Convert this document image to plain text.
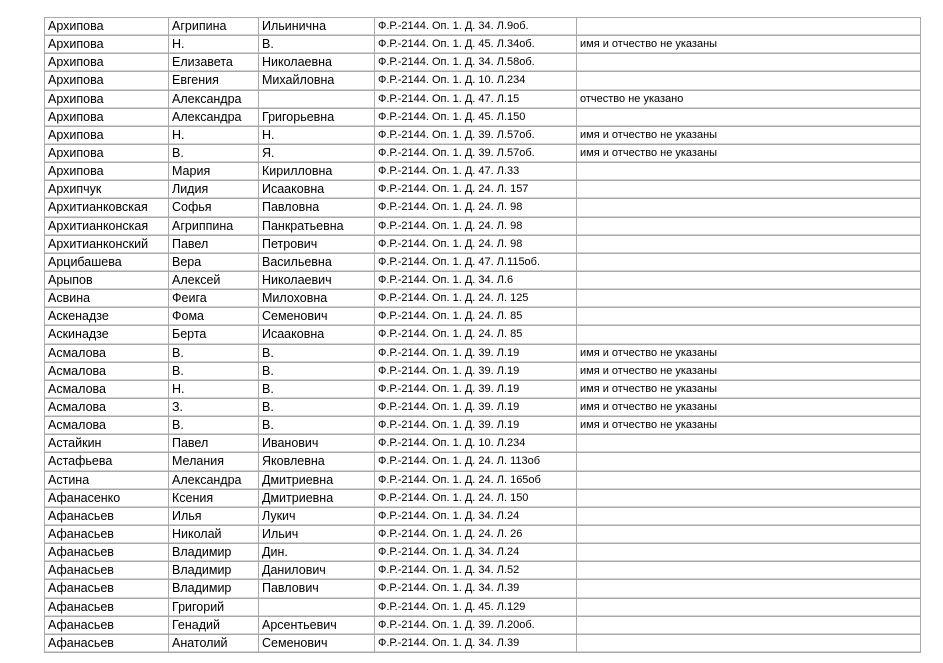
Архипова	Агрипина	Ильинична	Ф.Р.-2144. Оп. 1. Д. 34. Л.9об.	
Архипова	Н.	В.	Ф.Р.-2144. Оп. 1. Д. 45. Л.34об.	имя и отчество не указаны
Архипова	Елизавета	Николаевна	Ф.Р.-2144. Оп. 1. Д. 34. Л.58об.	
Архипова	Евгения	Михайловна	Ф.Р.-2144. Оп. 1. Д. 10. Л.234	
Архипова	Александра		Ф.Р.-2144. Оп. 1. Д. 47. Л.15	отчество не указано
Архипова	Александра	Григорьевна	Ф.Р.-2144. Оп. 1. Д. 45. Л.150	
Архипова	Н.	Н.	Ф.Р.-2144. Оп. 1. Д. 39. Л.57об.	имя и отчество не указаны
Архипова	В.	Я.	Ф.Р.-2144. Оп. 1. Д. 39. Л.57об.	имя и отчество не указаны
Архипова	Мария	Кирилловна	Ф.Р.-2144. Оп. 1. Д. 47. Л.33	
Архипчук	Лидия	Исааковна	Ф.Р.-2144. Оп. 1. Д. 24. Л. 157	
Архитианковская	Софья	Павловна	Ф.Р.-2144. Оп. 1. Д. 24. Л. 98	
Архитианконская	Агриппина	Панкратьевна	Ф.Р.-2144. Оп. 1. Д. 24. Л. 98	
Архитианконский	Павел	Петрович	Ф.Р.-2144. Оп. 1. Д. 24. Л. 98	
Арцибашева	Вера	Васильевна	Ф.Р.-2144. Оп. 1. Д. 47. Л.115об.	
Арыпов	Алексей	Николаевич	Ф.Р.-2144. Оп. 1. Д. 34. Л.6	
Асвина	Феига	Милоховна	Ф.Р.-2144. Оп. 1. Д. 24. Л. 125	
Аскенадзе	Фома	Семенович	Ф.Р.-2144. Оп. 1. Д. 24. Л. 85	
Аскинадзе	Берта	Исааковна	Ф.Р.-2144. Оп. 1. Д. 24. Л. 85	
Асмалова	В.	В.	Ф.Р.-2144. Оп. 1. Д. 39. Л.19	имя и отчество не указаны
Асмалова	В.	В.	Ф.Р.-2144. Оп. 1. Д. 39. Л.19	имя и отчество не указаны
Асмалова	Н.	В.	Ф.Р.-2144. Оп. 1. Д. 39. Л.19	имя и отчество не указаны
Асмалова	З.	В.	Ф.Р.-2144. Оп. 1. Д. 39. Л.19	имя и отчество не указаны
Асмалова	В.	В.	Ф.Р.-2144. Оп. 1. Д. 39. Л.19	имя и отчество не указаны
Астайкин	Павел	Иванович	Ф.Р.-2144. Оп. 1. Д. 10. Л.234	
Астафьева	Мелания	Яковлевна	Ф.Р.-2144. Оп. 1. Д. 24. Л. 113об	
Астина	Александра	Дмитриевна	Ф.Р.-2144. Оп. 1. Д. 24. Л. 165об	
Афанасенко	Ксения	Дмитриевна	Ф.Р.-2144. Оп. 1. Д. 24. Л. 150	
Афанасьев	Илья	Лукич	Ф.Р.-2144. Оп. 1. Д. 34. Л.24	
Афанасьев	Николай	Ильич	Ф.Р.-2144. Оп. 1. Д. 24. Л. 26	
Афанасьев	Владимир	Дин.	Ф.Р.-2144. Оп. 1. Д. 34. Л.24	
Афанасьев	Владимир	Данилович	Ф.Р.-2144. Оп. 1. Д. 34. Л.52	
Афанасьев	Владимир	Павлович	Ф.Р.-2144. Оп. 1. Д. 34. Л.39	
Афанасьев	Григорий		Ф.Р.-2144. Оп. 1. Д. 45. Л.129	
Афанасьев	Генадий	Арсентьевич	Ф.Р.-2144. Оп. 1. Д. 39. Л.20об.	
Афанасьев	Анатолий	Семенович	Ф.Р.-2144. Оп. 1. Д. 34. Л.39	
